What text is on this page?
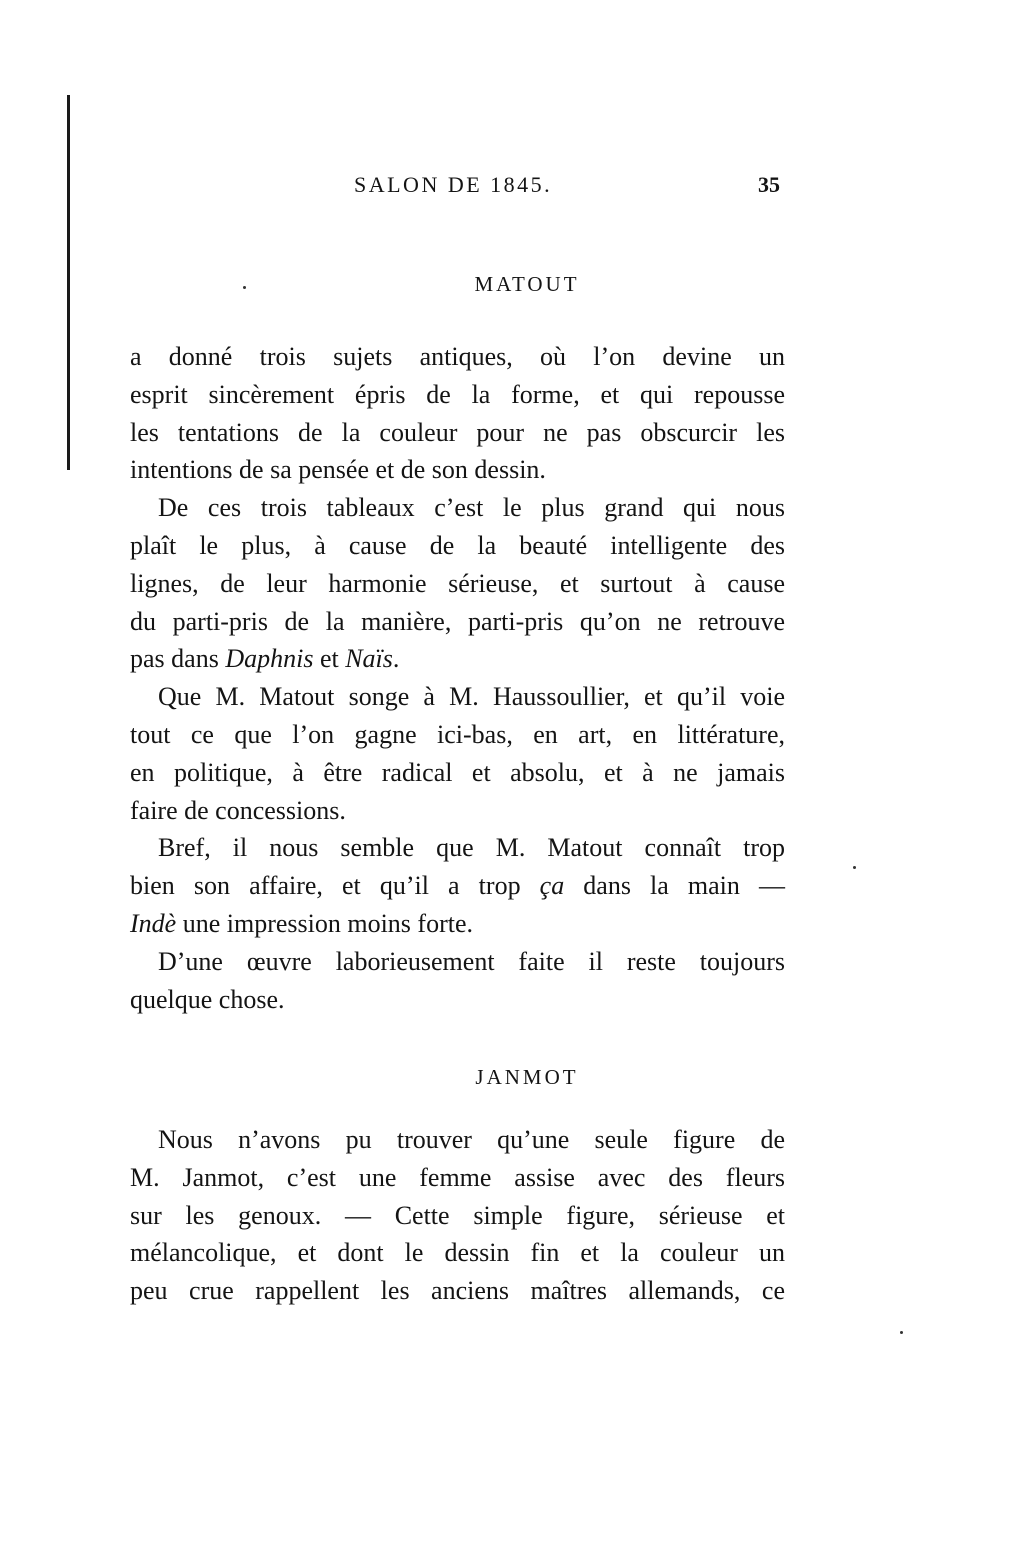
SALON DE 1845.	35
MATOUT
a donné trois sujets antiques, où l’on devine un
esprit sincèrement épris de la forme, et qui repousse
les tentations de la couleur pour ne pas obscurcir les
intentions de sa pensée et de son dessin.
De ces trois tableaux c’est le plus grand qui nous
plaît le plus, à cause de la beauté intelligente des
lignes, de leur harmonie sérieuse, et surtout à cause
du parti-pris de la manière, parti-pris qu’on ne retrouve
pas dans Daphnis et Naïs.
Que M. Matout songe à M. Haussoullier, et qu’il voie
tout ce que l’on gagne ici-bas, en art, en littérature,
en politique, à être radical et absolu, et à ne jamais
faire de concessions.
Bref, il nous semble que M. Matout connaît trop
bien son affaire, et qu’il a trop ça dans la main —
Indè une impression moins forte.
D’une œuvre laborieusement faite il reste toujours
quelque chose.
JANMOT
Nous n’avons pu trouver qu’une seule figure de
M. Janmot, c’est une femme assise avec des fleurs
sur les genoux. — Cette simple figure, sérieuse et
mélancolique, et dont le dessin fin et la couleur un
peu crue rappellent les anciens maîtres allemands, ce
